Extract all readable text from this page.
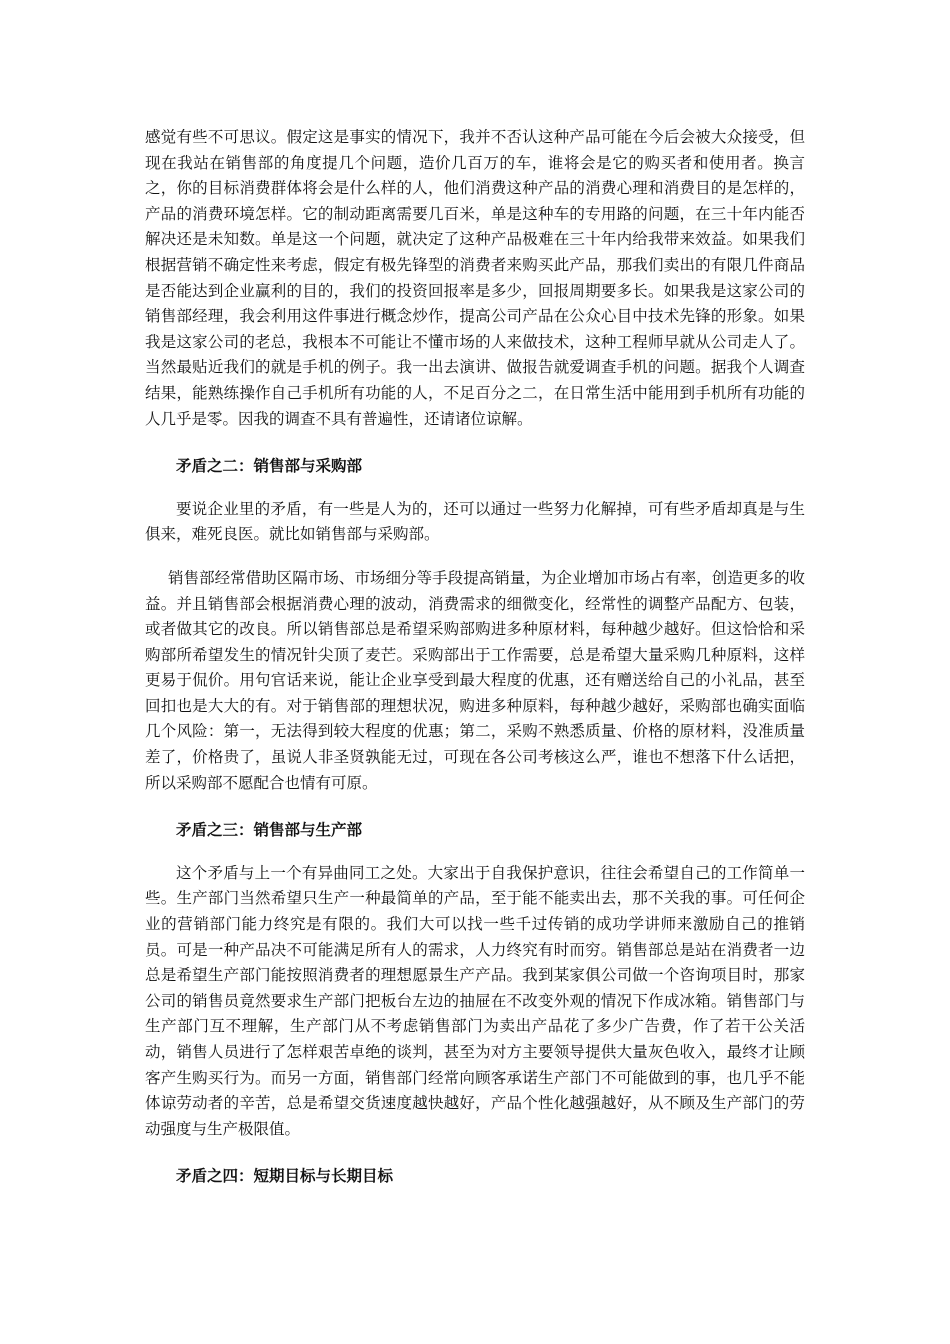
感觉有些不可思议。假定这是事实的情况下，我并不否认这种产品可能在今后会被大众接受，但现在我站在销售部的角度提几个问题，造价几百万的车，谁将会是它的购买者和使用者。换言之，你的目标消费群体将会是什么样的人，他们消费这种产品的消费心理和消费目的是怎样的，产品的消费环境怎样。它的制动距离需要几百米，单是这种车的专用路的问题，在三十年内能否解决还是未知数。单是这一个问题，就决定了这种产品极难在三十年内给我带来效益。如果我们根据营销不确定性来考虑，假定有极先锋型的消费者来购买此产品，那我们卖出的有限几件商品是否能达到企业赢利的目的，我们的投资回报率是多少，回报周期要多长。如果我是这家公司的销售部经理，我会利用这件事进行概念炒作，提高公司产品在公众心目中技术先锋的形象。如果我是这家公司的老总，我根本不可能让不懂市场的人来做技术，这种工程师早就从公司走人了。当然最贴近我们的就是手机的例子。我一出去演讲、做报告就爱调查手机的问题。据我个人调查结果，能熟练操作自己手机所有功能的人，不足百分之二，在日常生活中能用到手机所有功能的人几乎是零。因我的调查不具有普遍性，还请诸位谅解。

矛盾之二：销售部与采购部

要说企业里的矛盾，有一些是人为的，还可以通过一些努力化解掉，可有些矛盾却真是与生俱来，难死良医。就比如销售部与采购部。

销售部经常借助区隔市场、市场细分等手段提高销量，为企业增加市场占有率，创造更多的收益。并且销售部会根据消费心理的波动，消费需求的细微变化，经常性的调整产品配方、包装，或者做其它的改良。所以销售部总是希望采购部购进多种原材料，每种越少越好。但这恰恰和采购部所希望发生的情况针尖顶了麦芒。采购部出于工作需要，总是希望大量采购几种原料，这样更易于侃价。用句官话来说，能让企业享受到最大程度的优惠，还有赠送给自己的小礼品，甚至回扣也是大大的有。对于销售部的理想状况，购进多种原料，每种越少越好，采购部也确实面临几个风险：第一，无法得到较大程度的优惠；第二，采购不熟悉质量、价格的原材料，没准质量差了，价格贵了，虽说人非圣贤孰能无过，可现在各公司考核这么严，谁也不想落下什么话把，所以采购部不愿配合也情有可原。

矛盾之三：销售部与生产部

这个矛盾与上一个有异曲同工之处。大家出于自我保护意识，往往会希望自己的工作简单一些。生产部门当然希望只生产一种最简单的产品，至于能不能卖出去，那不关我的事。可任何企业的营销部门能力终究是有限的。我们大可以找一些千过传销的成功学讲师来激励自己的推销员。可是一种产品决不可能满足所有人的需求，人力终究有时而穷。销售部总是站在消费者一边总是希望生产部门能按照消费者的理想愿景生产产品。我到某家俱公司做一个咨询项目时，那家公司的销售员竟然要求生产部门把板台左边的抽屉在不改变外观的情况下作成冰箱。销售部门与生产部门互不理解，生产部门从不考虑销售部门为卖出产品花了多少广告费，作了若干公关活动，销售人员进行了怎样艰苦卓绝的谈判，甚至为对方主要领导提供大量灰色收入，最终才让顾客产生购买行为。而另一方面，销售部门经常向顾客承诺生产部门不可能做到的事，也几乎不能体谅劳动者的辛苦，总是希望交货速度越快越好，产品个性化越强越好，从不顾及生产部门的劳动强度与生产极限值。

矛盾之四：短期目标与长期目标
